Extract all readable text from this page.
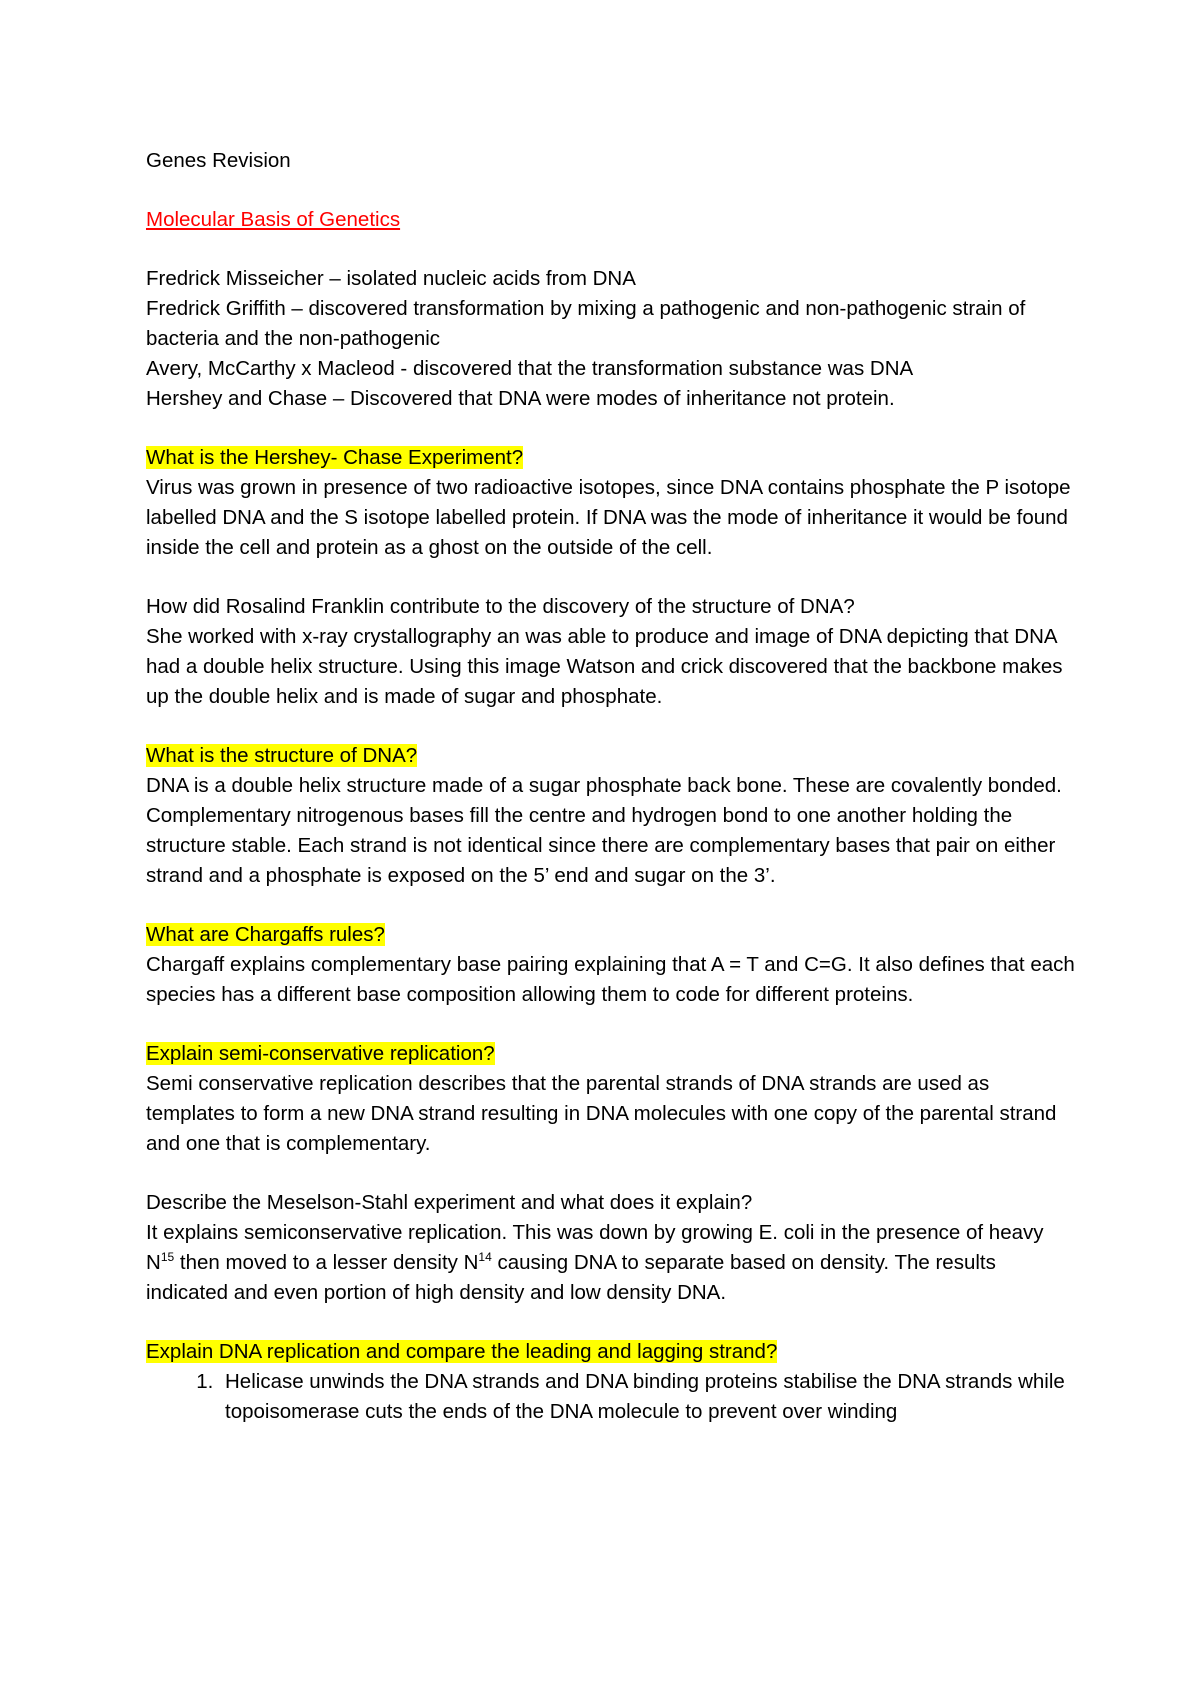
Genes Revision

Molecular Basis of Genetics

Fredrick Misseicher – isolated nucleic acids from DNA

Fredrick Griffith – discovered transformation by mixing a pathogenic and non-pathogenic strain of bacteria and the non-pathogenic

Avery, McCarthy x Macleod - discovered that the transformation substance was DNA

Hershey and Chase – Discovered that DNA were modes of inheritance not protein.

What is the Hershey- Chase Experiment?

Virus was grown in presence of two radioactive isotopes, since DNA contains phosphate the P isotope labelled DNA and the S isotope labelled protein. If DNA was the mode of inheritance it would be found inside the cell and protein as a ghost on the outside of the cell.

How did Rosalind Franklin contribute to the discovery of the structure of DNA?

She worked with x-ray crystallography an was able to produce and image of DNA depicting that DNA had a double helix structure. Using this image Watson and crick discovered that the backbone makes up the double helix and is made of sugar and phosphate.

What is the structure of DNA?

DNA is a double helix structure made of a sugar phosphate back bone. These are covalently bonded. Complementary nitrogenous bases fill the centre and hydrogen bond to one another holding the structure stable. Each strand is not identical since there are complementary bases that pair on either strand and a phosphate is exposed on the 5’ end and sugar on the 3’.

What are Chargaffs rules?

Chargaff explains complementary base pairing explaining that A = T and C=G. It also defines that each species has a different base composition allowing them to code for different proteins.

Explain semi-conservative replication?

Semi conservative replication describes that the parental strands of DNA strands are used as templates to form a new DNA strand resulting in DNA molecules with one copy of the parental strand and one that is complementary.

Describe the Meselson-Stahl experiment and what does it explain?

It explains semiconservative replication. This was down by growing E. coli in the presence of heavy $N^{15}$ then moved to a lesser density $N^{14}$ causing DNA to separate based on density. The results indicated and even portion of high density and low density DNA.

Explain DNA replication and compare the leading and lagging strand?

1. Helicase unwinds the DNA strands and DNA binding proteins stabilise the DNA strands while topoisomerase cuts the ends of the DNA molecule to prevent over winding
